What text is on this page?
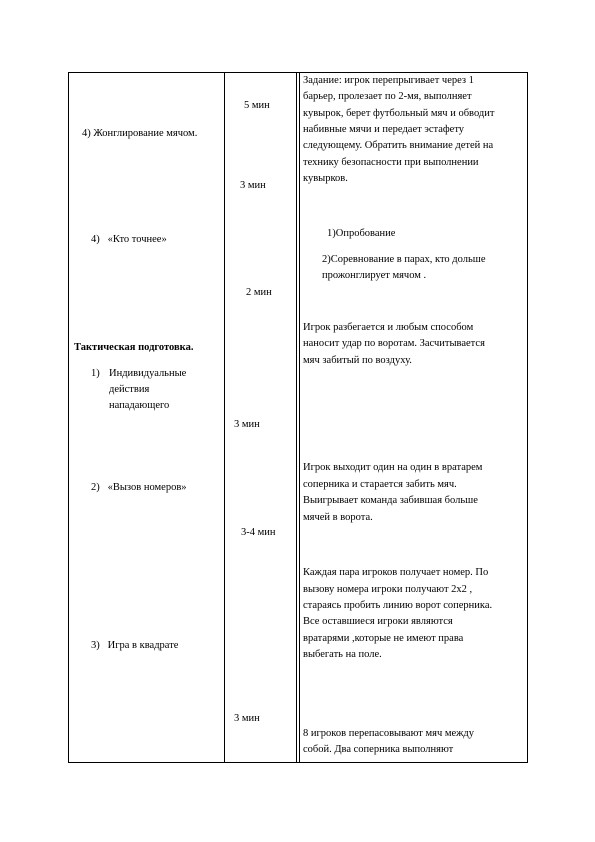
4) Жонглирование мячом.
4)   «Кто точнее»
Тактическая подготовка.
1) Индивидуальные
действия
нападающего
2)   «Вызов номеров»
3)   Игра в квадрате
5 мин
3 мин
2 мин
3 мин
3-4 мин
3 мин
Задание: игрок перепрыгивает через 1
барьер, пролезает по 2-мя, выполняет
кувырок, берет футбольный мяч и обводит
набивные мячи и передает эстафету
следующему. Обратить внимание детей на
технику безопасности при выполнении
кувырков.
1)Опробование
2)Соревнование в парах, кто дольше
прожонглирует мячом .
Игрок разбегается и любым способом
наносит удар по воротам. Засчитывается
мяч забитый по воздуху.
Игрок выходит один на один в вратарем
соперника и старается забить мяч.
Выигрывает команда забившая больше
мячей в ворота.
Каждая пара игроков получает номер. По
вызову номера игроки получают 2х2 ,
стараясь пробить линию ворот соперника.
Все оставшиеся игроки являются
вратарями ,которые не имеют права
выбегать на поле.
8 игроков перепасовывают мяч между
собой. Два соперника выполняют
